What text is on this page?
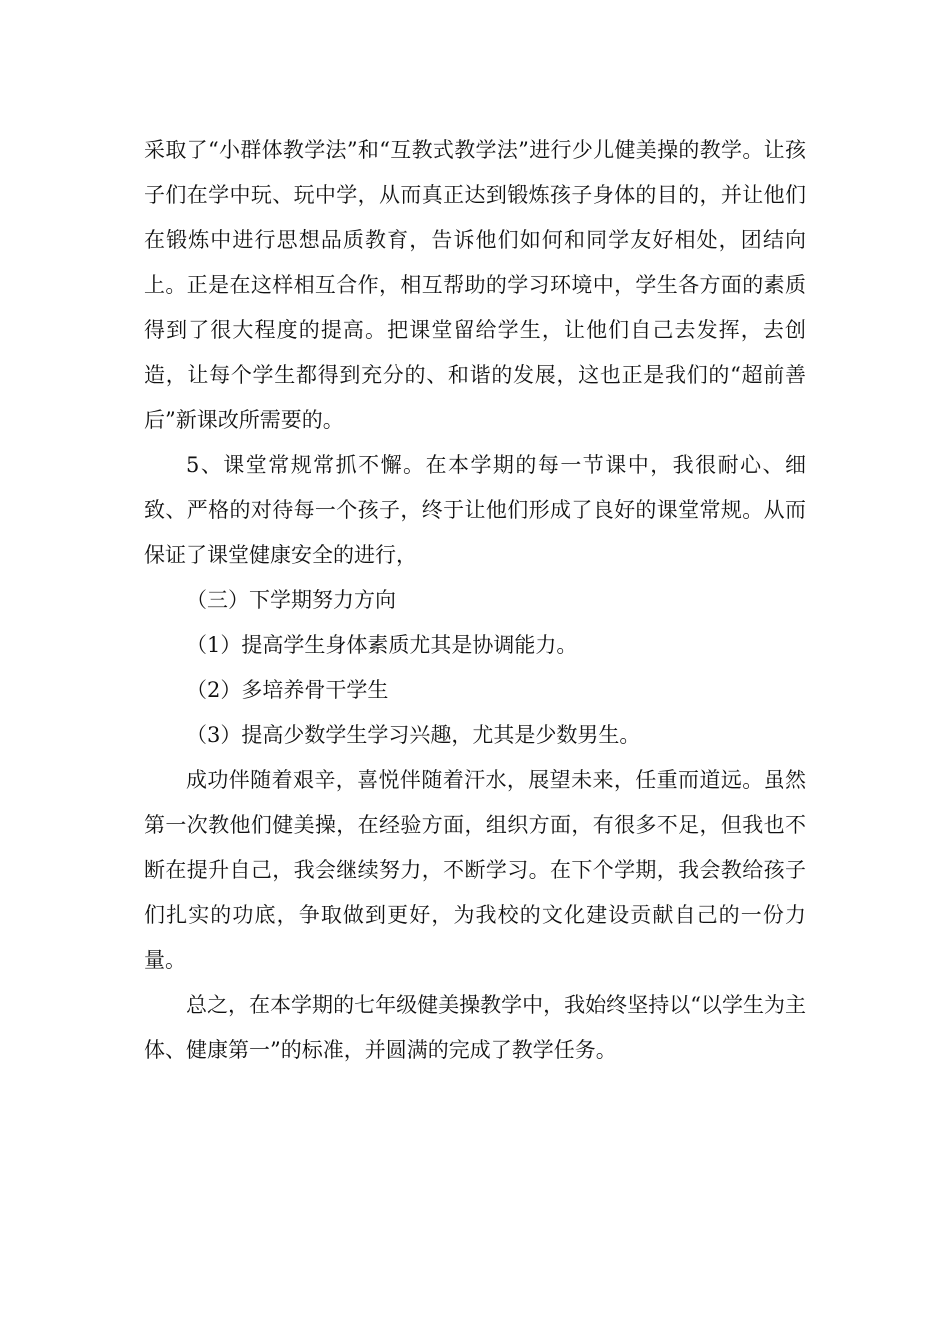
采取了“小群体教学法”和“互教式教学法”进行少儿健美操的教学。让孩子们在学中玩、玩中学，从而真正达到锻炼孩子身体的目的，并让他们在锻炼中进行思想品质教育，告诉他们如何和同学友好相处，团结向上。正是在这样相互合作，相互帮助的学习环境中，学生各方面的素质得到了很大程度的提高。把课堂留给学生，让他们自己去发挥，去创造，让每个学生都得到充分的、和谐的发展，这也正是我们的“超前善后”新课改所需要的。

5、课堂常规常抓不懈。在本学期的每一节课中，我很耐心、细致、严格的对待每一个孩子，终于让他们形成了良好的课堂常规。从而保证了课堂健康安全的进行，

（三）下学期努力方向

（1）提高学生身体素质尤其是协调能力。

（2）多培养骨干学生

（3）提高少数学生学习兴趣，尤其是少数男生。

成功伴随着艰辛，喜悦伴随着汗水，展望未来，任重而道远。虽然第一次教他们健美操，在经验方面，组织方面，有很多不足，但我也不断在提升自己，我会继续努力，不断学习。在下个学期，我会教给孩子们扎实的功底，争取做到更好，为我校的文化建设贡献自己的一份力量。

总之，在本学期的七年级健美操教学中，我始终坚持以“以学生为主体、健康第一”的标准，并圆满的完成了教学任务。
